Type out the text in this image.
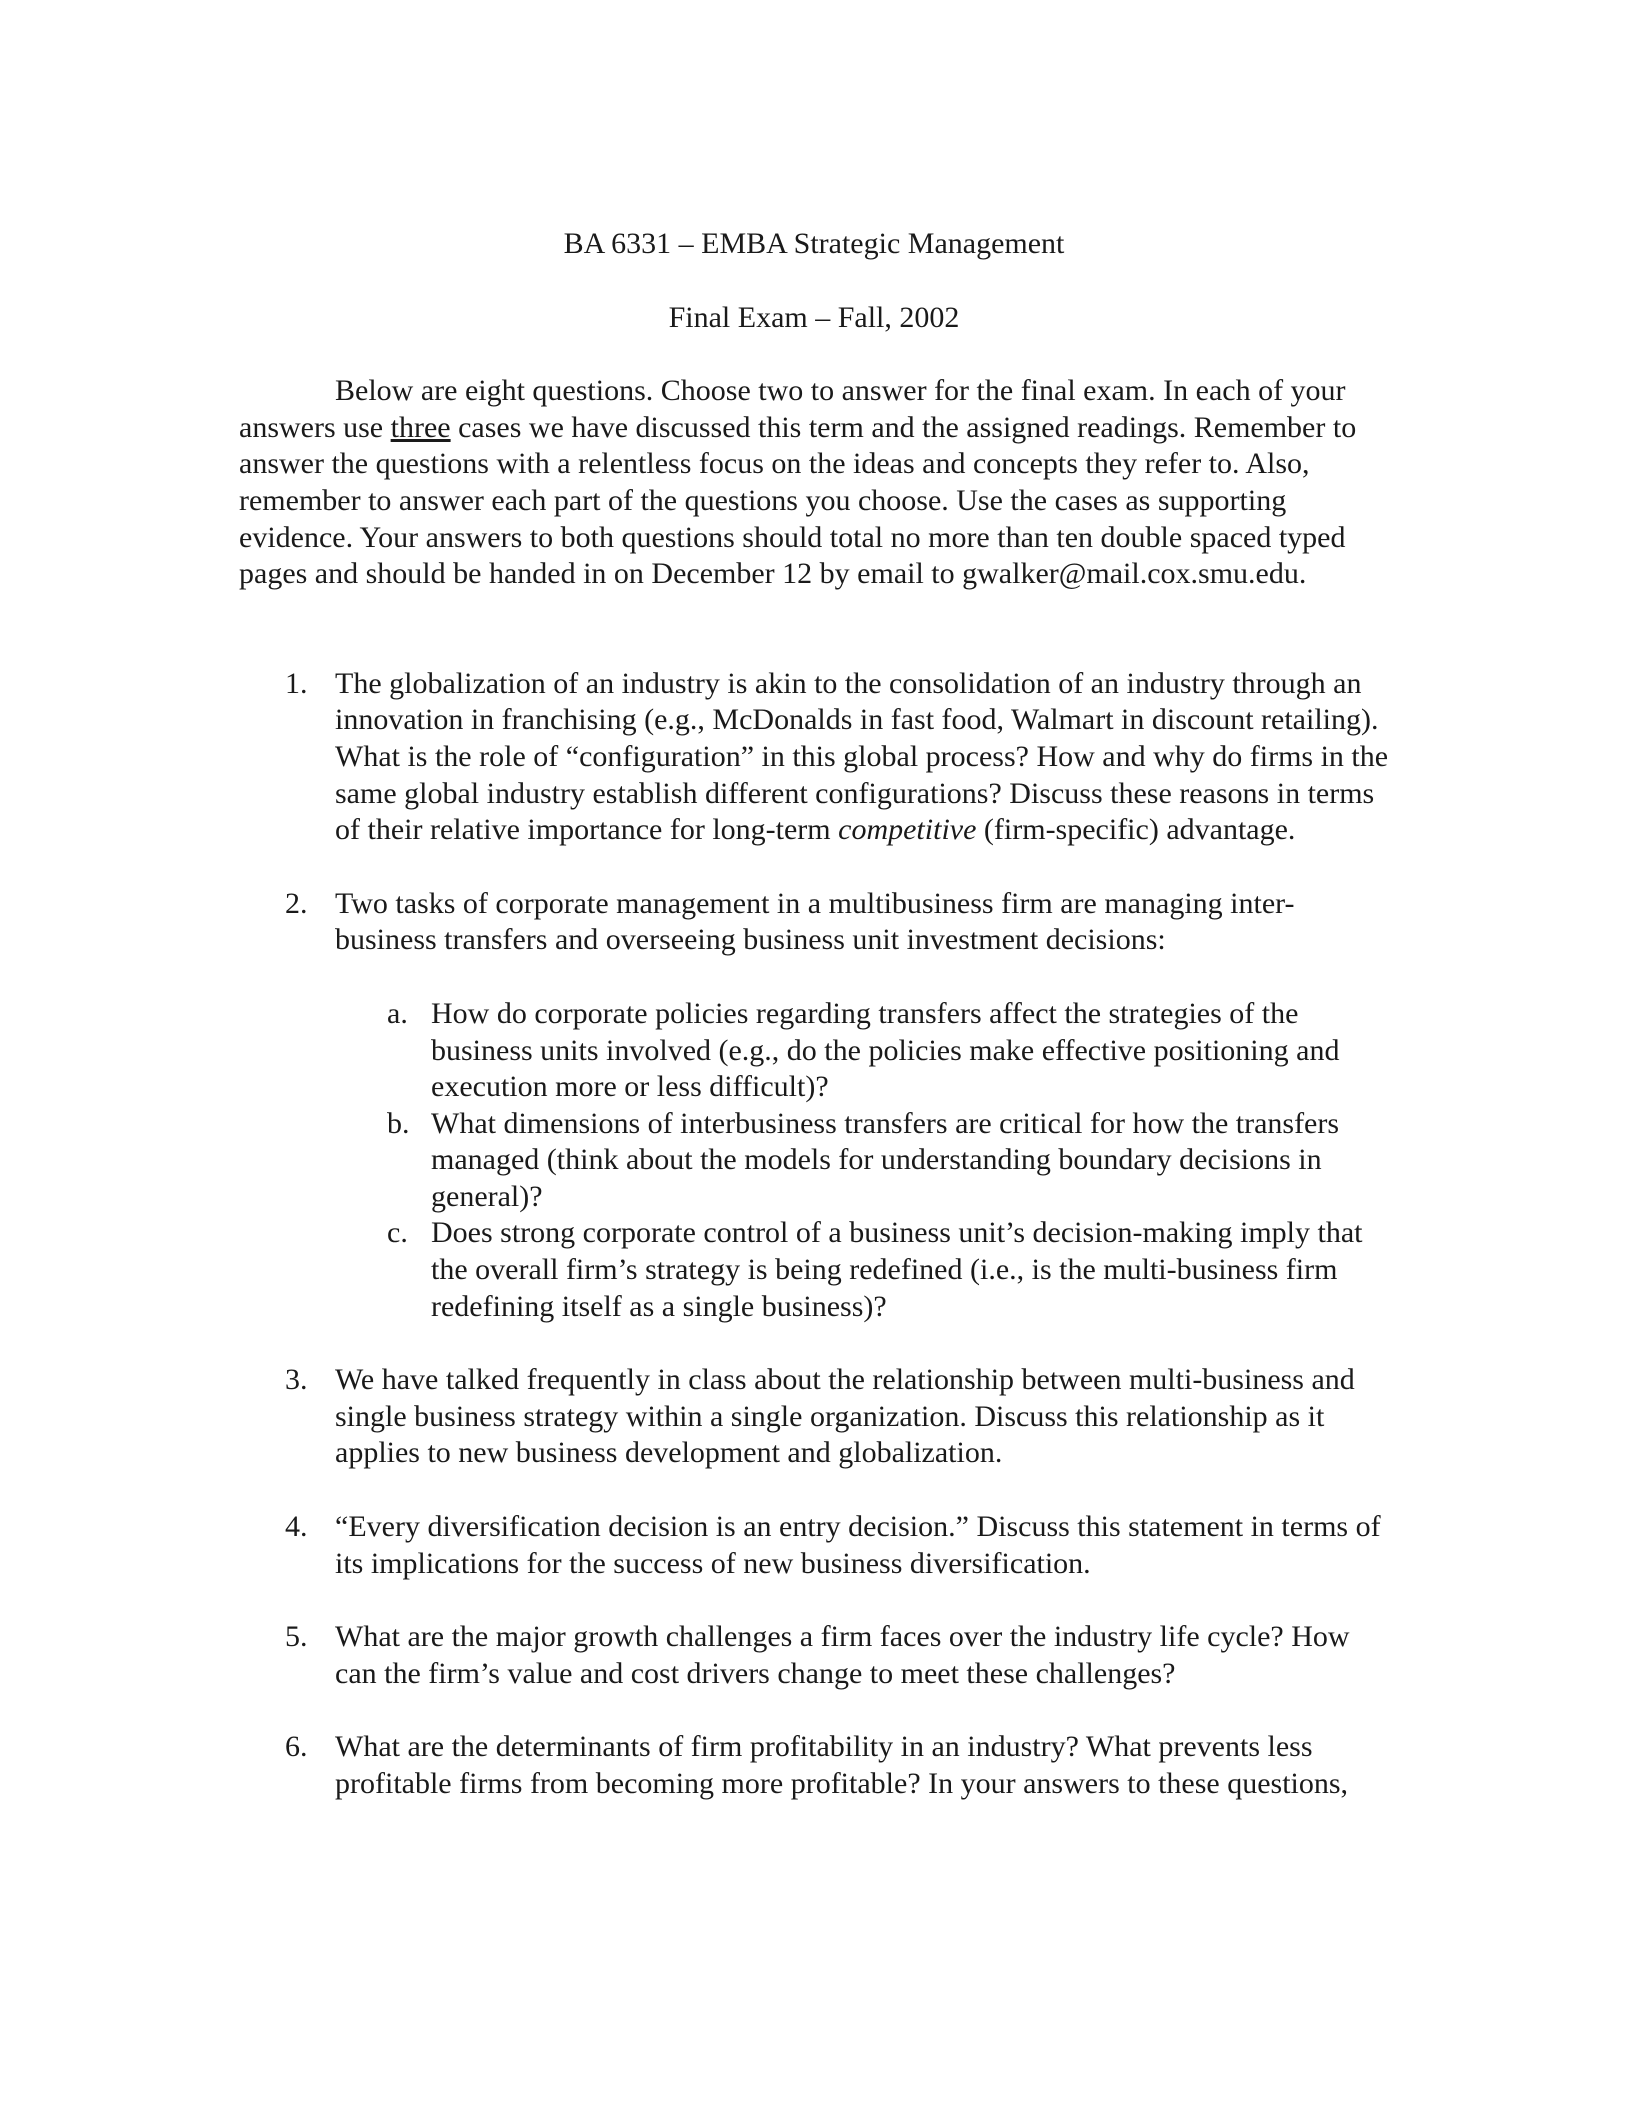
BA 6331 – EMBA Strategic Management

Final Exam – Fall, 2002

Below are eight questions. Choose two to answer for the final exam. In each of your answers use three cases we have discussed this term and the assigned readings. Remember to answer the questions with a relentless focus on the ideas and concepts they refer to. Also, remember to answer each part of the questions you choose. Use the cases as supporting evidence. Your answers to both questions should total no more than ten double spaced typed pages and should be handed in on December 12 by email to gwalker@mail.cox.smu.edu.

1. The globalization of an industry is akin to the consolidation of an industry through an innovation in franchising (e.g., McDonalds in fast food, Walmart in discount retailing). What is the role of “configuration” in this global process? How and why do firms in the same global industry establish different configurations? Discuss these reasons in terms of their relative importance for long-term competitive (firm-specific) advantage.
2. Two tasks of corporate management in a multibusiness firm are managing inter-business transfers and overseeing business unit investment decisions:
a. How do corporate policies regarding transfers affect the strategies of the business units involved (e.g., do the policies make effective positioning and execution more or less difficult)?
b. What dimensions of interbusiness transfers are critical for how the transfers managed (think about the models for understanding boundary decisions in general)?
c. Does strong corporate control of a business unit’s decision-making imply that the overall firm’s strategy is being redefined (i.e., is the multi-business firm redefining itself as a single business)?
3. We have talked frequently in class about the relationship between multi-business and single business strategy within a single organization. Discuss this relationship as it applies to new business development and globalization.
4. “Every diversification decision is an entry decision.” Discuss this statement in terms of its implications for the success of new business diversification.
5. What are the major growth challenges a firm faces over the industry life cycle? How can the firm’s value and cost drivers change to meet these challenges?
6. What are the determinants of firm profitability in an industry? What prevents less profitable firms from becoming more profitable? In your answers to these questions,
